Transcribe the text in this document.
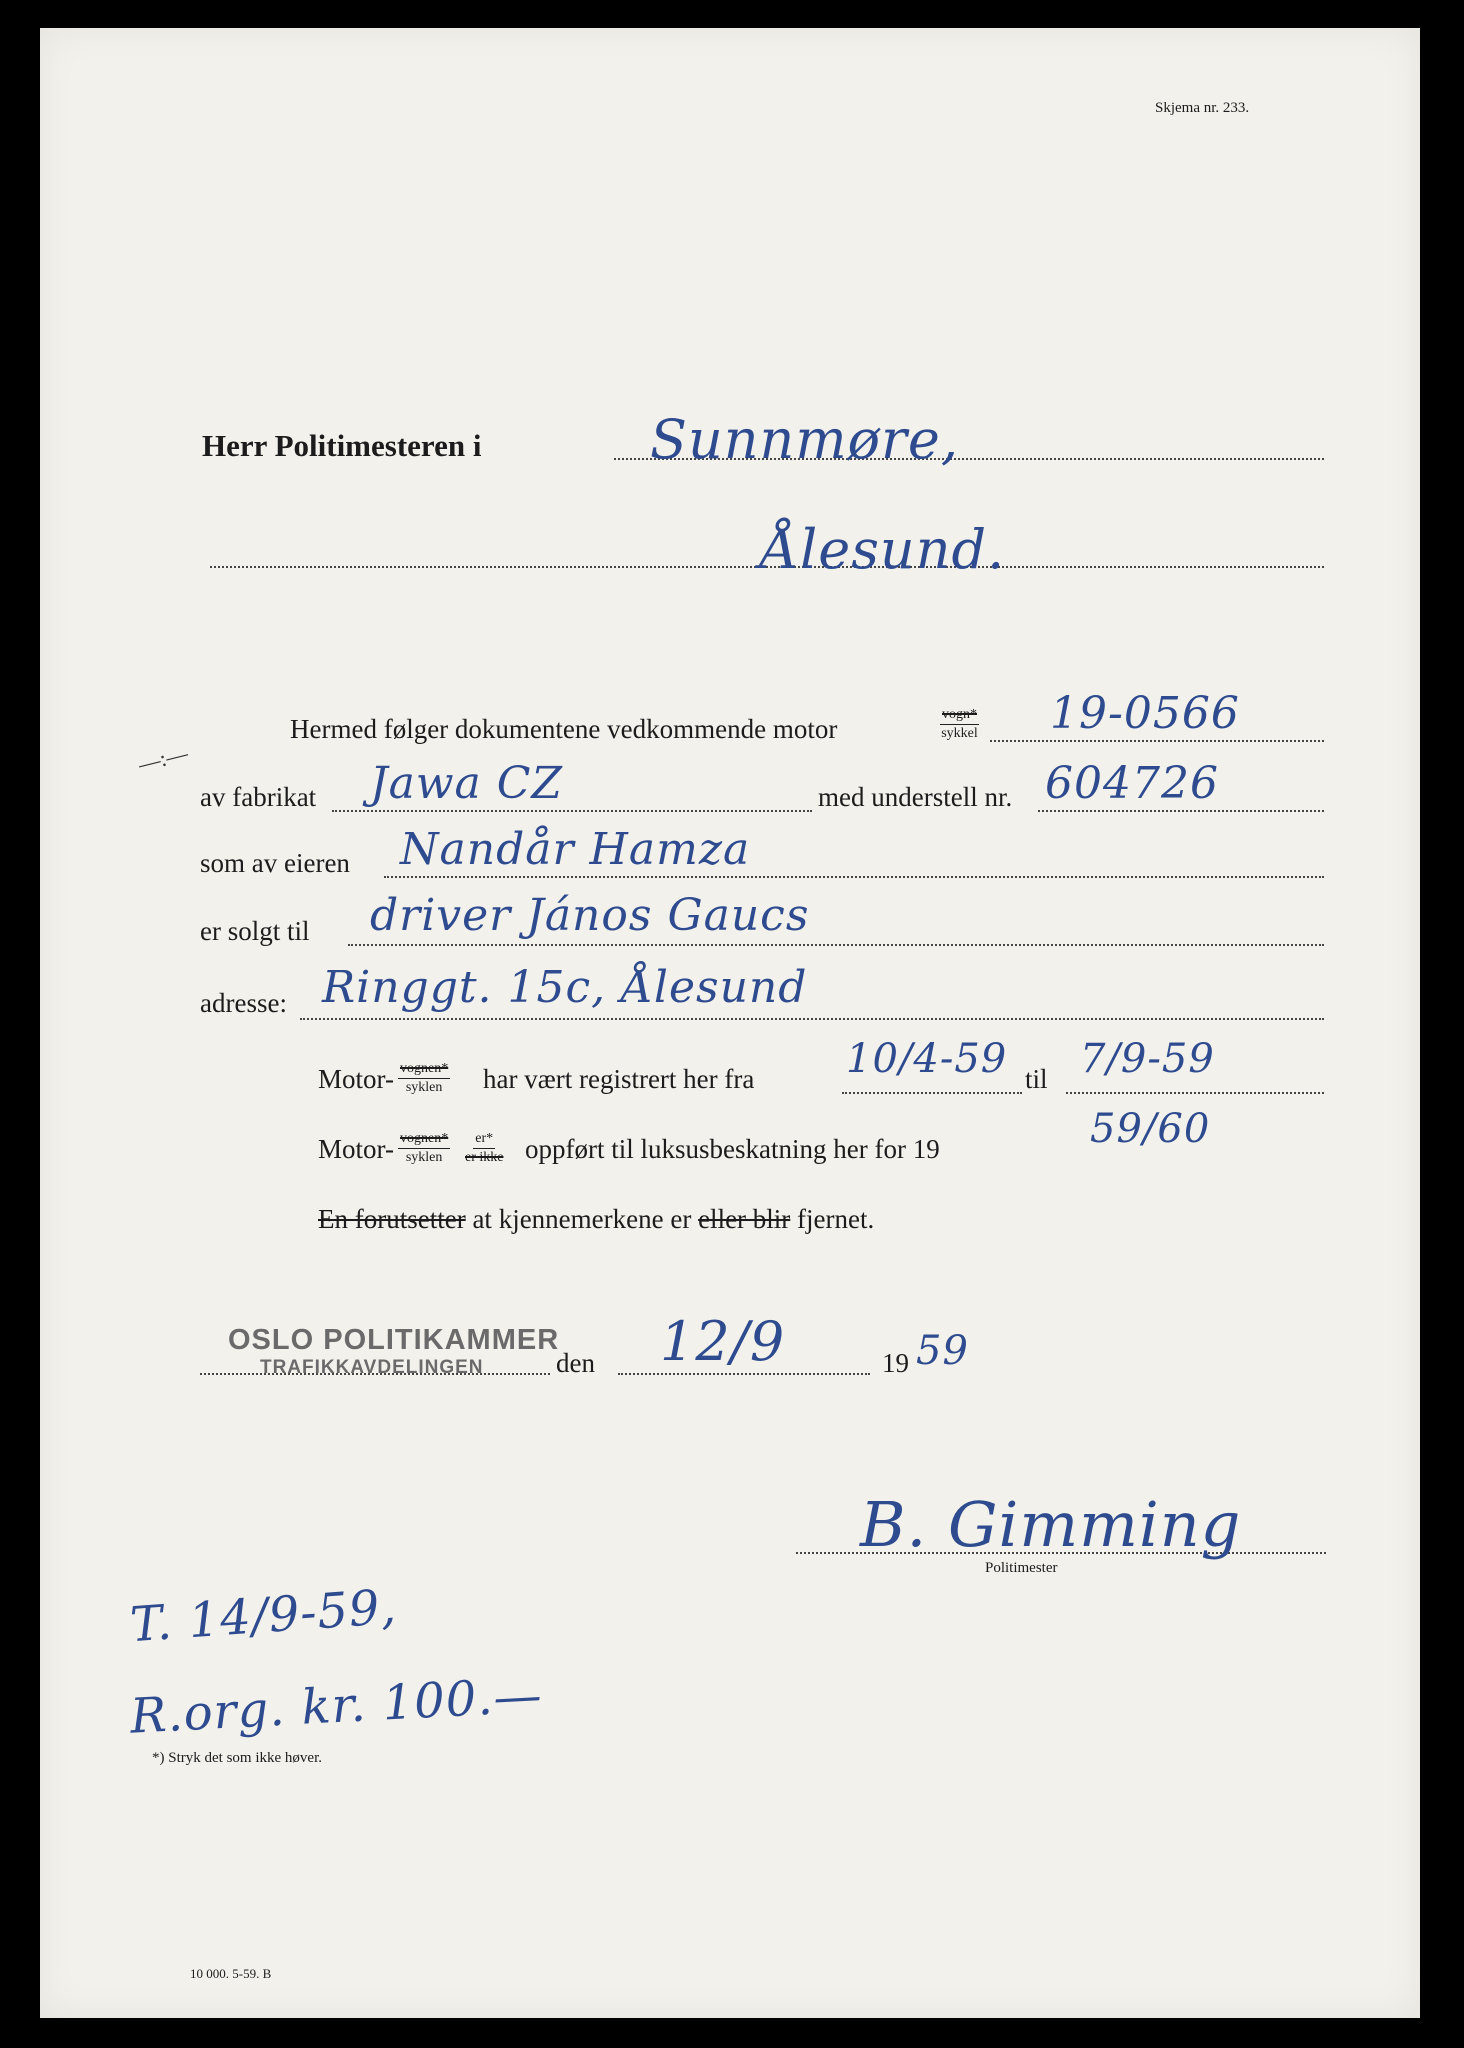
Skjema nr. 233.
Herr Politimesteren i	Sunnmøre,
Ålesund.
Hermed følger dokumentene vedkommende motor	vogn*
sykkel 19-0566
—:—
av fabrikat Jawa CZ	med understell nr. 604726
som av eieren Nandår Hamza
er solgt til driver János Gaucs
adresse: Ringgt. 15c, Ålesund
Motor- vognen*
syklen har vært registrert her fra 10/4-59 til 7/9-59
Motor- vognen*
syklen
er*
er ikke oppført til luksusbeskatning her for 19	59/60
En forutsetter at kjennemerkene er eller blir fjernet.
OSLO POLITIKAMMER
TRAFIKKAVDELINGEN	den 12/9	19 59
B. Gimming
Politimester
T. 14/9-59,
R.org. kr. 100.—
*) Stryk det som ikke høver.
10 000. 5-59. B
